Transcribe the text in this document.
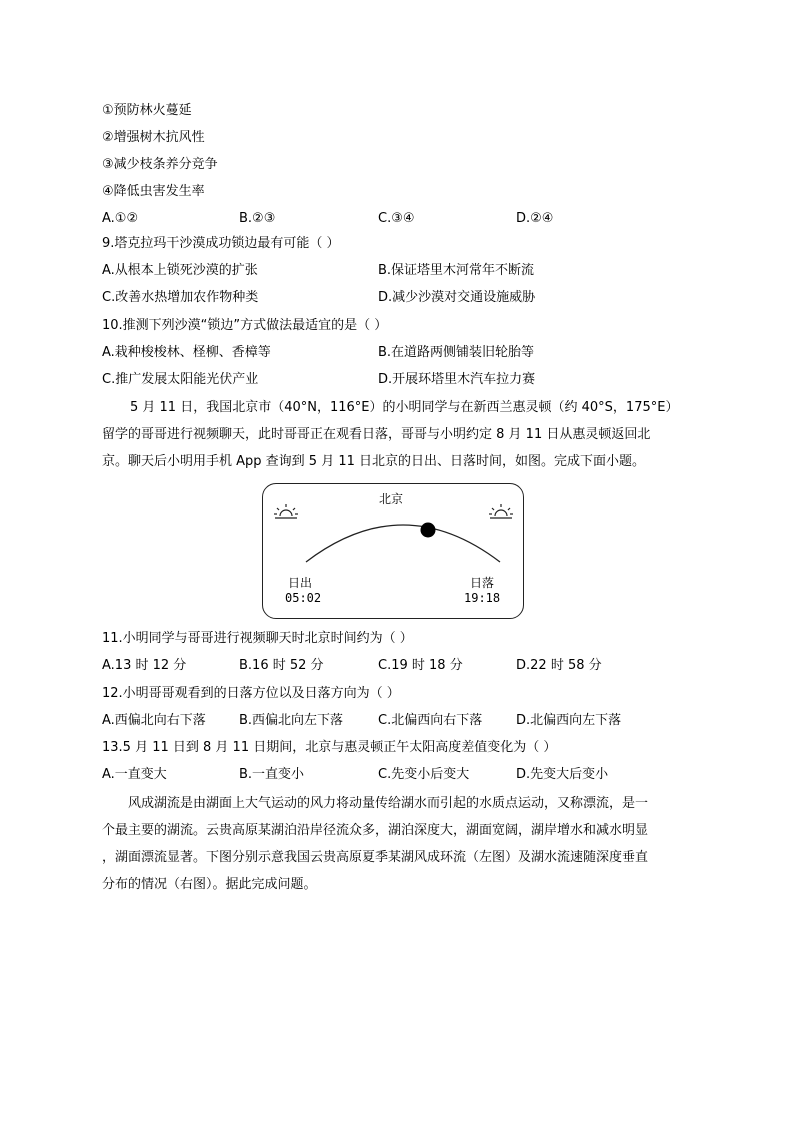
①预防林火蔓延
②增强树木抗风性
③减少枝条养分竞争
④降低虫害发生率
A.①②	B.②③	C.③④	D.②④
9.塔克拉玛干沙漠成功锁边最有可能（ ）
A.从根本上锁死沙漠的扩张	B.保证塔里木河常年不断流
C.改善水热增加农作物种类	D.减少沙漠对交通设施威胁
10.推测下列沙漠“锁边”方式做法最适宜的是（ ）
A.栽种梭梭林、柽柳、香樟等	B.在道路两侧铺装旧轮胎等
C.推广发展太阳能光伏产业	D.开展环塔里木汽车拉力赛
5 月 11 日，我国北京市（40°N，116°E）的小明同学与在新西兰惠灵顿（约 40°S，175°E）
留学的哥哥进行视频聊天，此时哥哥正在观看日落，哥哥与小明约定 8 月 11 日从惠灵顿返回北
京。聊天后小明用手机 App 查询到 5 月 11 日北京的日出、日落时间，如图。完成下面小题。
北京
日出
05:02
日落
19:18
11.小明同学与哥哥进行视频聊天时北京时间约为（ ）
A.13 时 12 分	B.16 时 52 分	C.19 时 18 分	D.22 时 58 分
12.小明哥哥观看到的日落方位以及日落方向为（ ）
A.西偏北向右下落	B.西偏北向左下落	C.北偏西向右下落	D.北偏西向左下落
13.5 月 11 日到 8 月 11 日期间，北京与惠灵顿正午太阳高度差值变化为（ ）
A.一直变大	B.一直变小	C.先变小后变大	D.先变大后变小
　　风成湖流是由湖面上大气运动的风力将动量传给湖水而引起的水质点运动，又称漂流，是一
个最主要的湖流。云贵高原某湖泊沿岸径流众多，湖泊深度大，湖面宽阔，湖岸增水和减水明显
，湖面漂流显著。下图分别示意我国云贵高原夏季某湖风成环流（左图）及湖水流速随深度垂直
分布的情况（右图）。据此完成问题。
